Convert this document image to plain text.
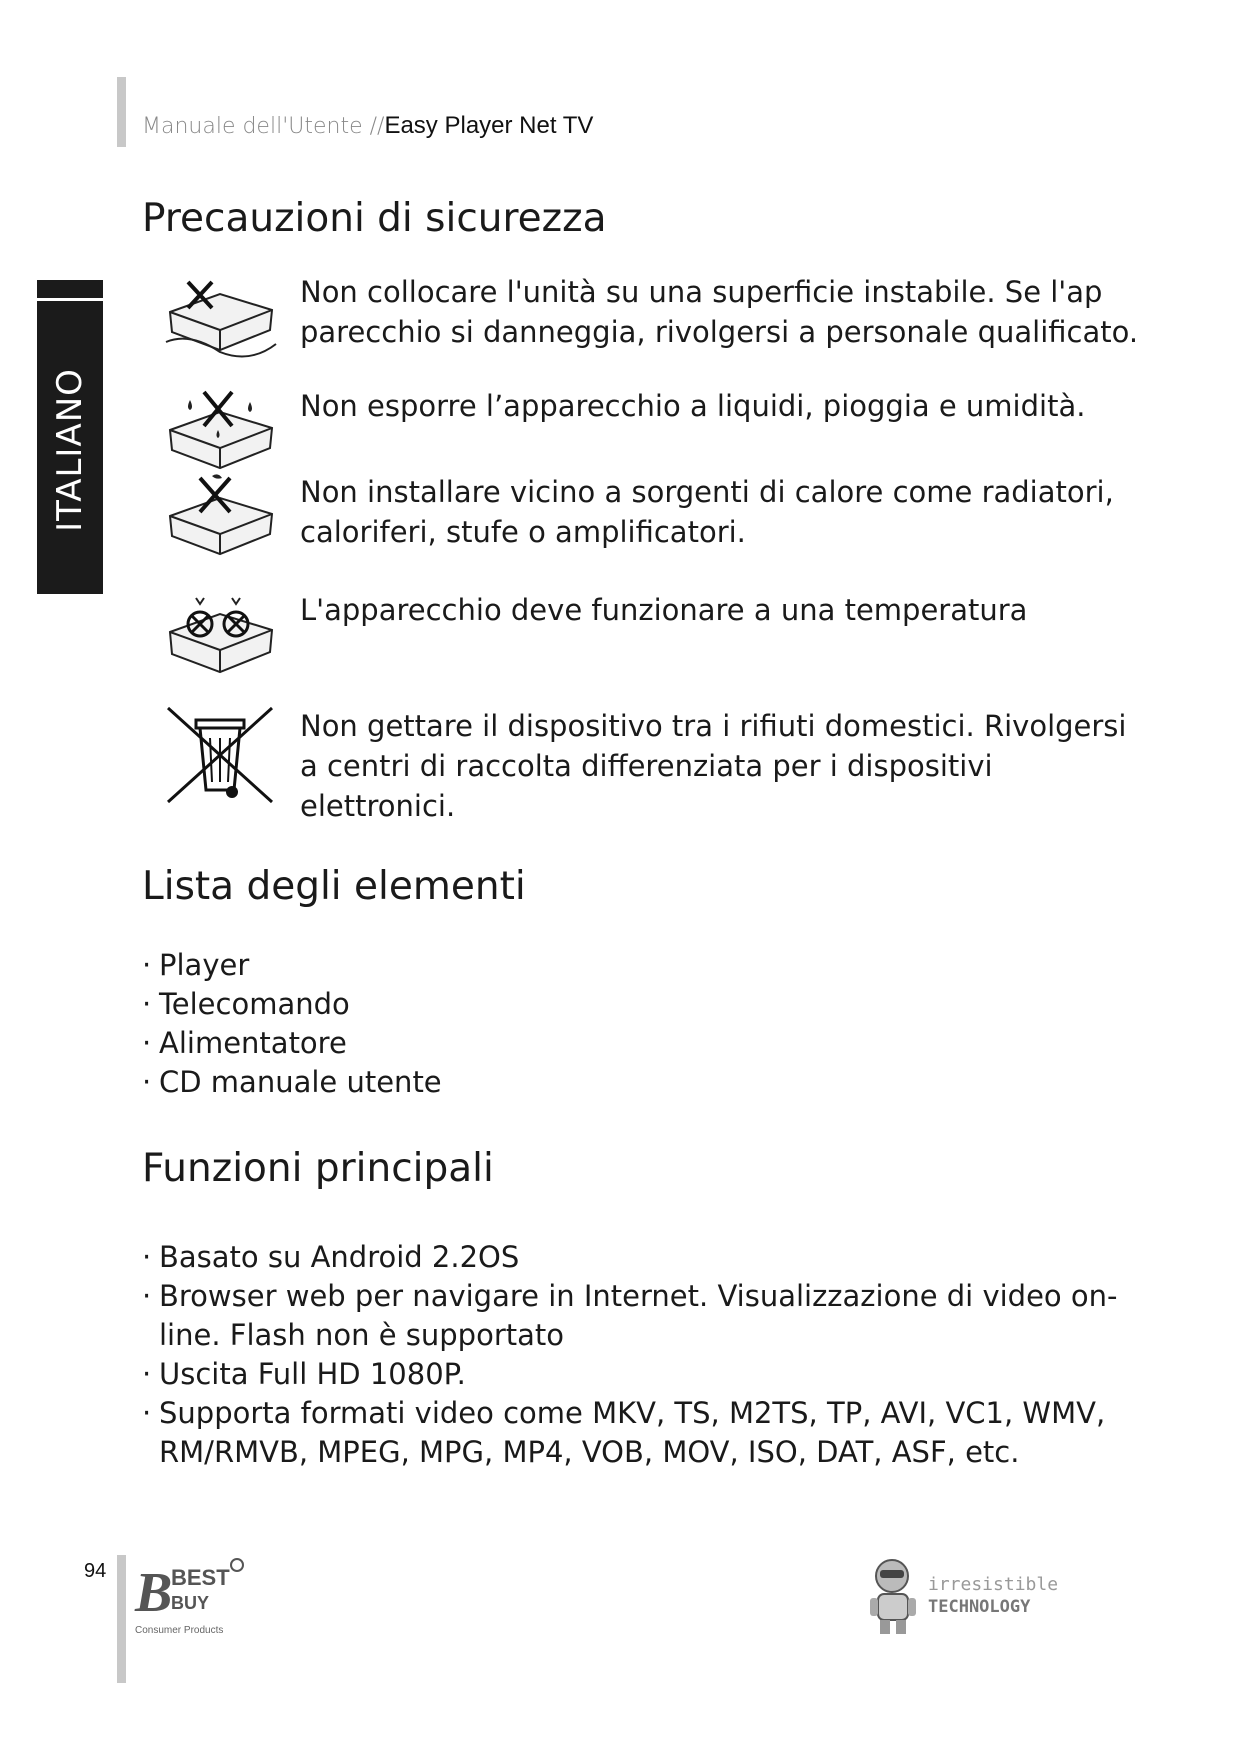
Manuale dell'Utente //Easy Player Net TV
ITALIANO
Precauzioni di sicurezza
Non collocare l'unità su una superficie instabile. Se l'ap parecchio si danneggia, rivolgersi a personale qualificato.
Non esporre l’apparecchio a liquidi, pioggia e umidità.
Non installare vicino a sorgenti di calore come radiatori, caloriferi, stufe o amplificatori.
L'apparecchio deve funzionare a una temperatura
Non gettare il dispositivo tra i rifiuti domestici. Rivolgersi a centri di raccolta differenziata per i dispositivi elettronici.
Lista degli elementi
· Player
· Telecomando
· Alimentatore
· CD manuale utente
Funzioni principali
· Basato su Android 2.2OS
· Browser web per navigare in Internet. Visualizzazione di video on-line. Flash non è supportato
· Uscita Full HD 1080P.
· Supporta formati video come MKV, TS, M2TS, TP, AVI, VC1, WMV, RM/RMVB, MPEG, MPG, MP4, VOB, MOV, ISO, DAT, ASF, etc.
94 B
BEST
BUY
Consumer Products
irresistible
TECHNOLOGY
